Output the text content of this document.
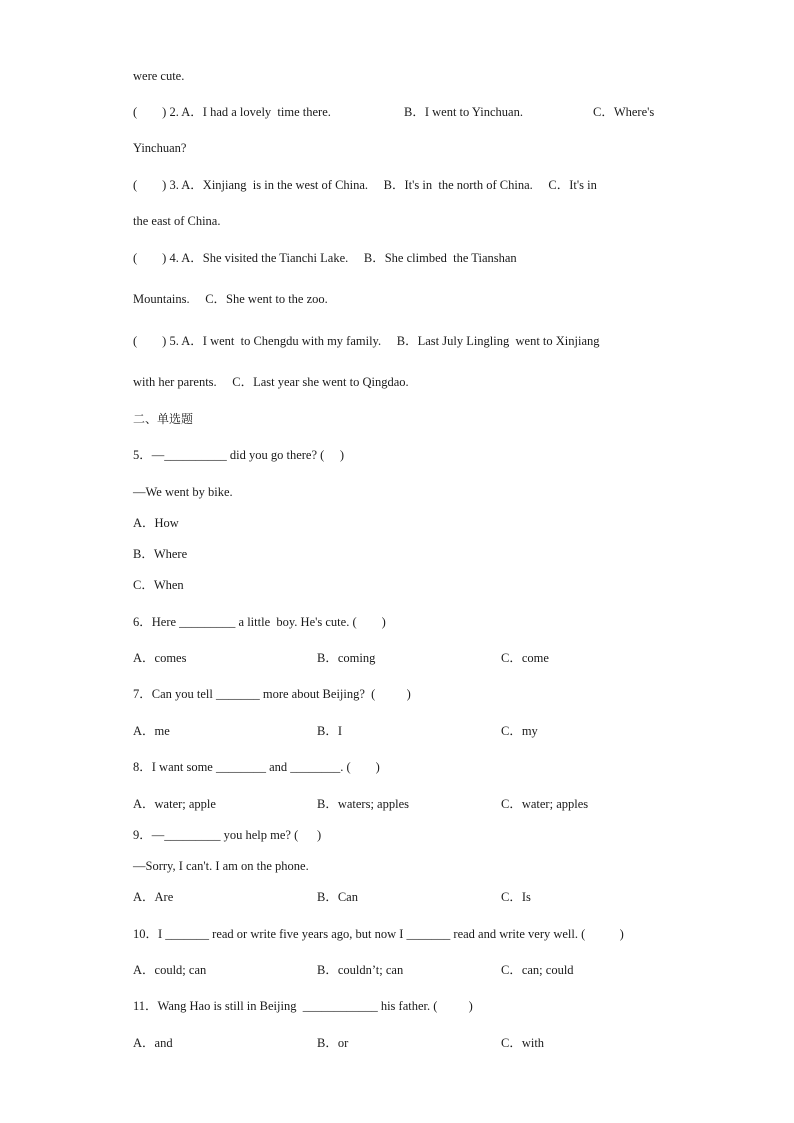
were cute.
(        ) 2. A．I had a lovely  time there.	B．I went to Yinchuan.	C．Where's
Yinchuan?
(        ) 3. A．Xinjiang  is in the west of China.     B．It's in  the north of China.     C．It's in
the east of China.
(        ) 4. A．She visited the Tianchi Lake.     B．She climbed  the Tianshan
Mountains.     C．She went to the zoo.
(        ) 5. A．I went  to Chengdu with my family.     B．Last July Lingling  went to Xinjiang
with her parents.     C．Last year she went to Qingdao.
二、单选题
5．—__________ did you go there? (     )
—We went by bike.
A．How
B．Where
C．When
6．Here _________ a little  boy. He's cute. (        )
A．comes	B．coming	C．come
7．Can you tell _______ more about Beijing?  (          )
A．me	B．I	C．my
8．I want some ________ and ________. (        )
A．water; apple	B．waters; apples	C．water; apples
9．—_________ you help me? (      )
—Sorry, I can't. I am on the phone.
A．Are	B．Can	C．Is
10．I _______ read or write five years ago, but now I _______ read and write very well. (           )
A．could; can	B．couldn’t; can	C．can; could
11．Wang Hao is still in Beijing  ____________ his father. (          )
A．and	B．or	C．with
